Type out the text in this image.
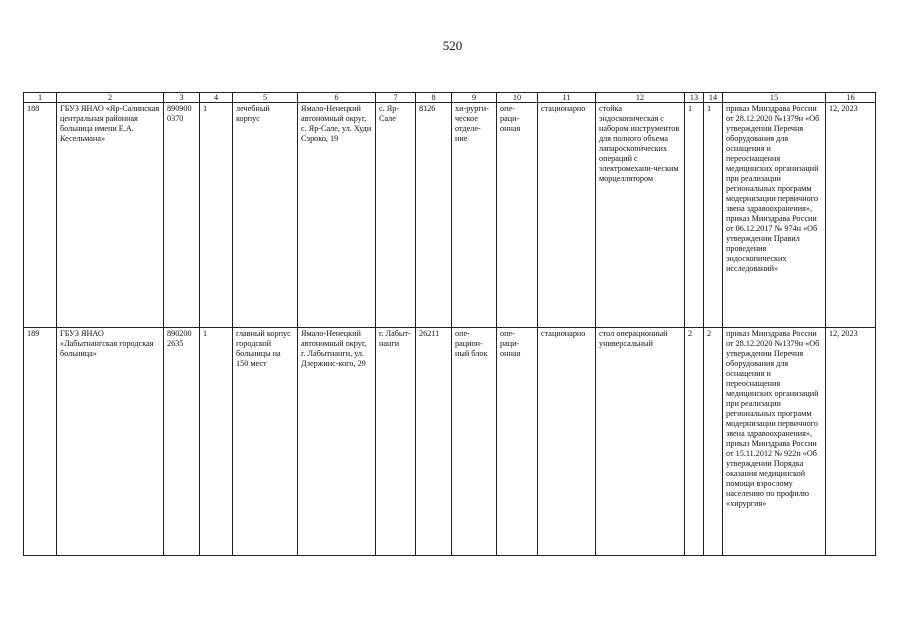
520
1	2	3	4	5	6	7	8	9	10	11	12	13	14	15	16
188	ГБУЗ ЯНАО «Яр-Салинская центральная районная больница имени Е.А. Кесельмана»	890900 0370	1	лечебный корпус	Ямало-Ненецкий автономный округ, с. Яр-Сале, ул. Худи Сэроко, 19	с. Яр-Сале	8126	хи-рурги-ческое отделе-ние	опе-раци-онная	стационарно	стойка эндоскопическая с набором инструментов для полного объема лапароскопических операций с электромехани-ческим морцеллятором	1	1	приказ Минздрава России от 28.12.2020 №1379н «Об утверждении Перечня оборудования для оснащения и переоснащения медицинских организаций при реализации региональных программ модернизации первичного звена здравоохранения», приказ Минздрава России от 06.12.2017 № 974н «Об утверждении Правил проведения эндоскопических исследований»	12, 2023
189	ГБУЗ ЯНАО «Лабытнангская городская больница»	890200 2635	1	главный корпус городской больницы на 150 мест	Ямало-Ненецкий автономный округ, г. Лабытнанги, ул. Дзержинс-кого, 29	г. Лабыт-нанги	26211	опе-рацион-ный блок	опе-раци-онная	стационарно	стол операционный универсальный	2	2	приказ Минздрава России от 28.12.2020 №1379н «Об утверждении Перечня оборудования для оснащения и переоснащения медицинских организаций при реализации региональных программ модернизации первичного звена здравоохранения», приказ Минздрава России от 15.11.2012 № 922н «Об утверждении Порядка оказания медицинской помощи взрослому населению по профилю «хирургия»	12, 2023
